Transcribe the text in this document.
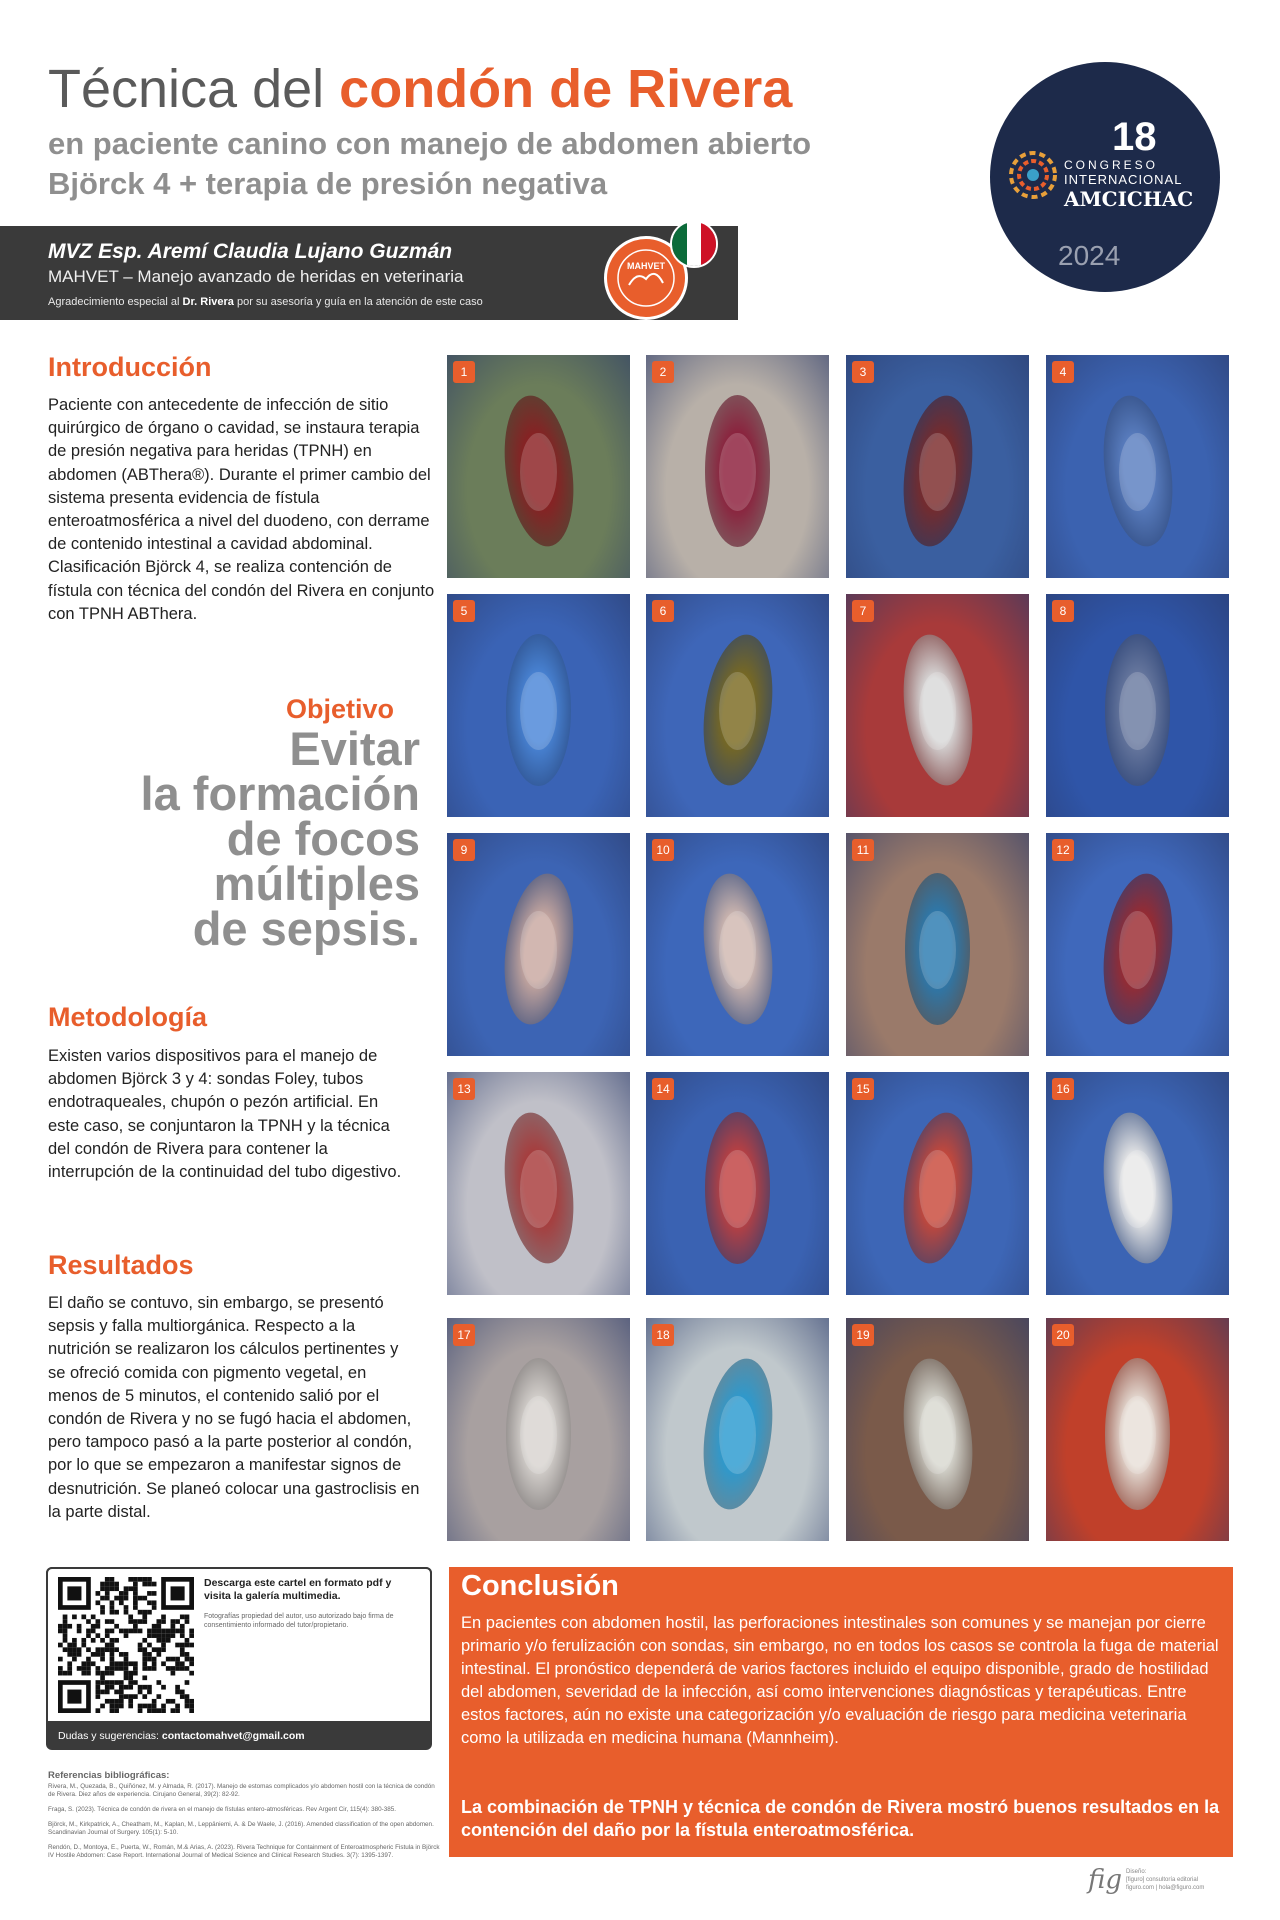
Técnica del condón de Rivera
en paciente canino con manejo de abdomen abierto
Björck 4 + terapia de presión negativa
MVZ Esp. Aremí Claudia Lujano Guzmán
MAHVET – Manejo avanzado de heridas en veterinaria
Agradecimiento especial al Dr. Rivera por su asesoría y guía en la atención de este caso
MAHVET
18
CONGRESO
INTERNACIONAL
AMCICHAC
2024
Introducción
Paciente con antecedente de infección de sitio quirúrgico de órgano o cavidad, se instaura terapia de presión negativa para heridas (TPNH) en abdomen (ABThera®). Durante el primer cambio del sistema presenta evidencia de fístula enteroatmosférica a nivel del duodeno, con derrame de contenido intestinal a cavidad abdominal. Clasificación Björck 4, se realiza contención de fístula con técnica del condón del Rivera en conjunto con TPNH ABThera.
Objetivo
Evitar
la formación
de focos
múltiples
de sepsis.
Metodología
Existen varios dispositivos para el manejo de abdomen Björck 3 y 4: sondas Foley, tubos endotraqueales, chupón o pezón artificial. En este caso, se conjuntaron la TPNH y la técnica del condón de Rivera para contener la interrupción de la continuidad del tubo digestivo.
Resultados
El daño se contuvo, sin embargo, se presentó sepsis y falla multiorgánica. Respecto a la nutrición se realizaron los cálculos pertinentes y se ofreció comida con pigmento vegetal, en menos de 5 minutos, el contenido salió por el condón de Rivera y no se fugó hacia el abdomen, pero tampoco pasó a la parte posterior al condón, por lo que se empezaron a manifestar signos de desnutrición. Se planeó colocar una gastroclisis en la parte distal.
1	2	3	4
5	6	7	8
9	10	11	12
13	14	15	16
17	18	19	20
Descarga este cartel en formato pdf y visita la galería multimedia.
Fotografías propiedad del autor, uso autorizado bajo firma de consentimiento informado del tutor/propietario.
Dudas y sugerencias: contactomahvet@gmail.com
Referencias bibliográficas:
Rivera, M., Quezada, B., Quiñónez, M. y Almada, R. (2017). Manejo de estomas complicados y/o abdomen hostil con la técnica de condón de Rivera. Diez años de experiencia. Cirujano General, 39(2): 82-92.
Fraga, S. (2023). Técnica de condón de rivera en el manejo de fístulas entero-atmosféricas. Rev Argent Cir, 115(4): 380-385.
Björck, M., Kirkpatrick, A., Cheatham, M., Kaplan, M., Leppäniemi, A. & De Waele, J. (2016). Amended classification of the open abdomen. Scandinavian Journal of Surgery. 105(1): 5-10.
Rendón, D., Montoya, E., Puerta, W., Román, M.& Arias, A. (2023). Rivera Technique for Containment of Enteroatmospheric Fistula in Björck IV Hostile Abdomen: Case Report. International Journal of Medical Science and Clinical Research Studies. 3(7): 1395-1397.
Conclusión
En pacientes con abdomen hostil, las perforaciones intestinales son comunes y se manejan por cierre primario y/o ferulización con sondas, sin embargo, no en todos los casos se controla la fuga de material intestinal. El pronóstico dependerá de varios factores incluido el equipo disponible, grado de hostilidad del abdomen, severidad de la infección, así como intervenciones diagnósticas y terapéuticas. Entre estos factores, aún no existe una categorización y/o evaluación de riesgo para medicina veterinaria como la utilizada en medicina humana (Mannheim).
La combinación de TPNH y técnica de condón de Rivera mostró buenos resultados en la contención del daño por la fístula enteroatmosférica.
fig Diseño:
[figuro] consultoría editorial
figuro.com | hola@figuro.com
